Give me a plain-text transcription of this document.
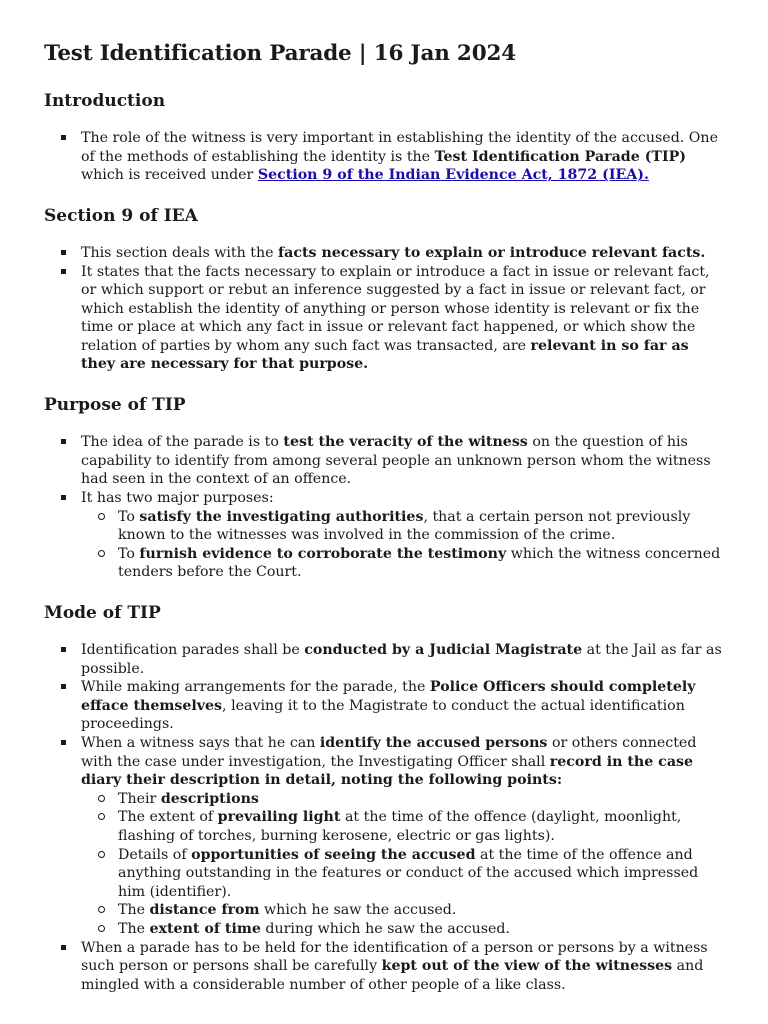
Test Identification Parade | 16 Jan 2024
Introduction
The role of the witness is very important in establishing the identity of the accused. One of the methods of establishing the identity is the Test Identification Parade (TIP) which is received under Section 9 of the Indian Evidence Act, 1872 (IEA).
Section 9 of IEA
This section deals with the facts necessary to explain or introduce relevant facts.
It states that the facts necessary to explain or introduce a fact in issue or relevant fact, or which support or rebut an inference suggested by a fact in issue or relevant fact, or which establish the identity of anything or person whose identity is relevant or fix the time or place at which any fact in issue or relevant fact happened, or which show the relation of parties by whom any such fact was transacted, are relevant in so far as they are necessary for that purpose.
Purpose of TIP
The idea of the parade is to test the veracity of the witness on the question of his capability to identify from among several people an unknown person whom the witness had seen in the context of an offence.
It has two major purposes:
To satisfy the investigating authorities, that a certain person not previously known to the witnesses was involved in the commission of the crime.
To furnish evidence to corroborate the testimony which the witness concerned tenders before the Court.
Mode of TIP
Identification parades shall be conducted by a Judicial Magistrate at the Jail as far as possible.
While making arrangements for the parade, the Police Officers should completely efface themselves, leaving it to the Magistrate to conduct the actual identification proceedings.
When a witness says that he can identify the accused persons or others connected with the case under investigation, the Investigating Officer shall record in the case diary their description in detail, noting the following points:
Their descriptions
The extent of prevailing light at the time of the offence (daylight, moonlight, flashing of torches, burning kerosene, electric or gas lights).
Details of opportunities of seeing the accused at the time of the offence and anything outstanding in the features or conduct of the accused which impressed him (identifier).
The distance from which he saw the accused.
The extent of time during which he saw the accused.
When a parade has to be held for the identification of a person or persons by a witness such person or persons shall be carefully kept out of the view of the witnesses and mingled with a considerable number of other people of a like class.
